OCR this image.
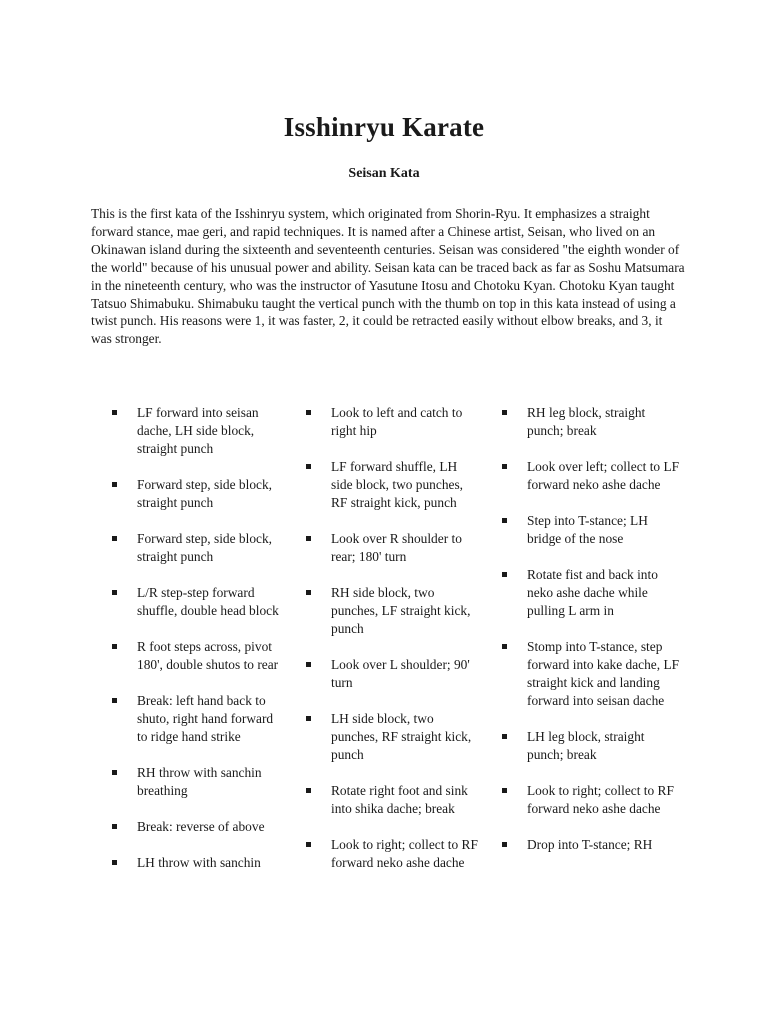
Isshinryu Karate
Seisan Kata

This is the first kata of the Isshinryu system, which originated from Shorin-Ryu. It emphasizes a straight forward stance, mae geri, and rapid techniques. It is named after a Chinese artist, Seisan, who lived on an Okinawan island during the sixteenth and seventeenth centuries. Seisan was considered "the eighth wonder of the world" because of his unusual power and ability. Seisan kata can be traced back as far as Soshu Matsumara in the nineteenth century, who was the instructor of Yasutune Itosu and Chotoku Kyan. Chotoku Kyan taught Tatsuo Shimabuku. Shimabuku taught the vertical punch with the thumb on top in this kata instead of using a twist punch. His reasons were 1, it was faster, 2, it could be retracted easily without elbow breaks, and 3, it was stronger.

LF forward into seisan dache, LH side block, straight punch
Forward step, side block, straight punch
Forward step, side block, straight punch
L/R step-step forward shuffle, double head block
R foot steps across, pivot 180', double shutos to rear
Break: left hand back to shuto, right hand forward to ridge hand strike
RH throw with sanchin breathing
Break: reverse of above
LH throw with sanchin
Look to left and catch to right hip
LF forward shuffle, LH side block, two punches, RF straight kick, punch
Look over R shoulder to rear; 180' turn
RH side block, two punches, LF straight kick, punch
Look over L shoulder; 90' turn
LH side block, two punches, RF straight kick, punch
Rotate right foot and sink into shika dache; break
Look to right; collect to RF forward neko ashe dache
RH leg block, straight punch; break
Look over left; collect to LF forward neko ashe dache
Step into T-stance; LH bridge of the nose
Rotate fist and back into neko ashe dache while pulling L arm in
Stomp into T-stance, step forward into kake dache, LF straight kick and landing forward into seisan dache
LH leg block, straight punch; break
Look to right; collect to RF forward neko ashe dache
Drop into T-stance; RH
